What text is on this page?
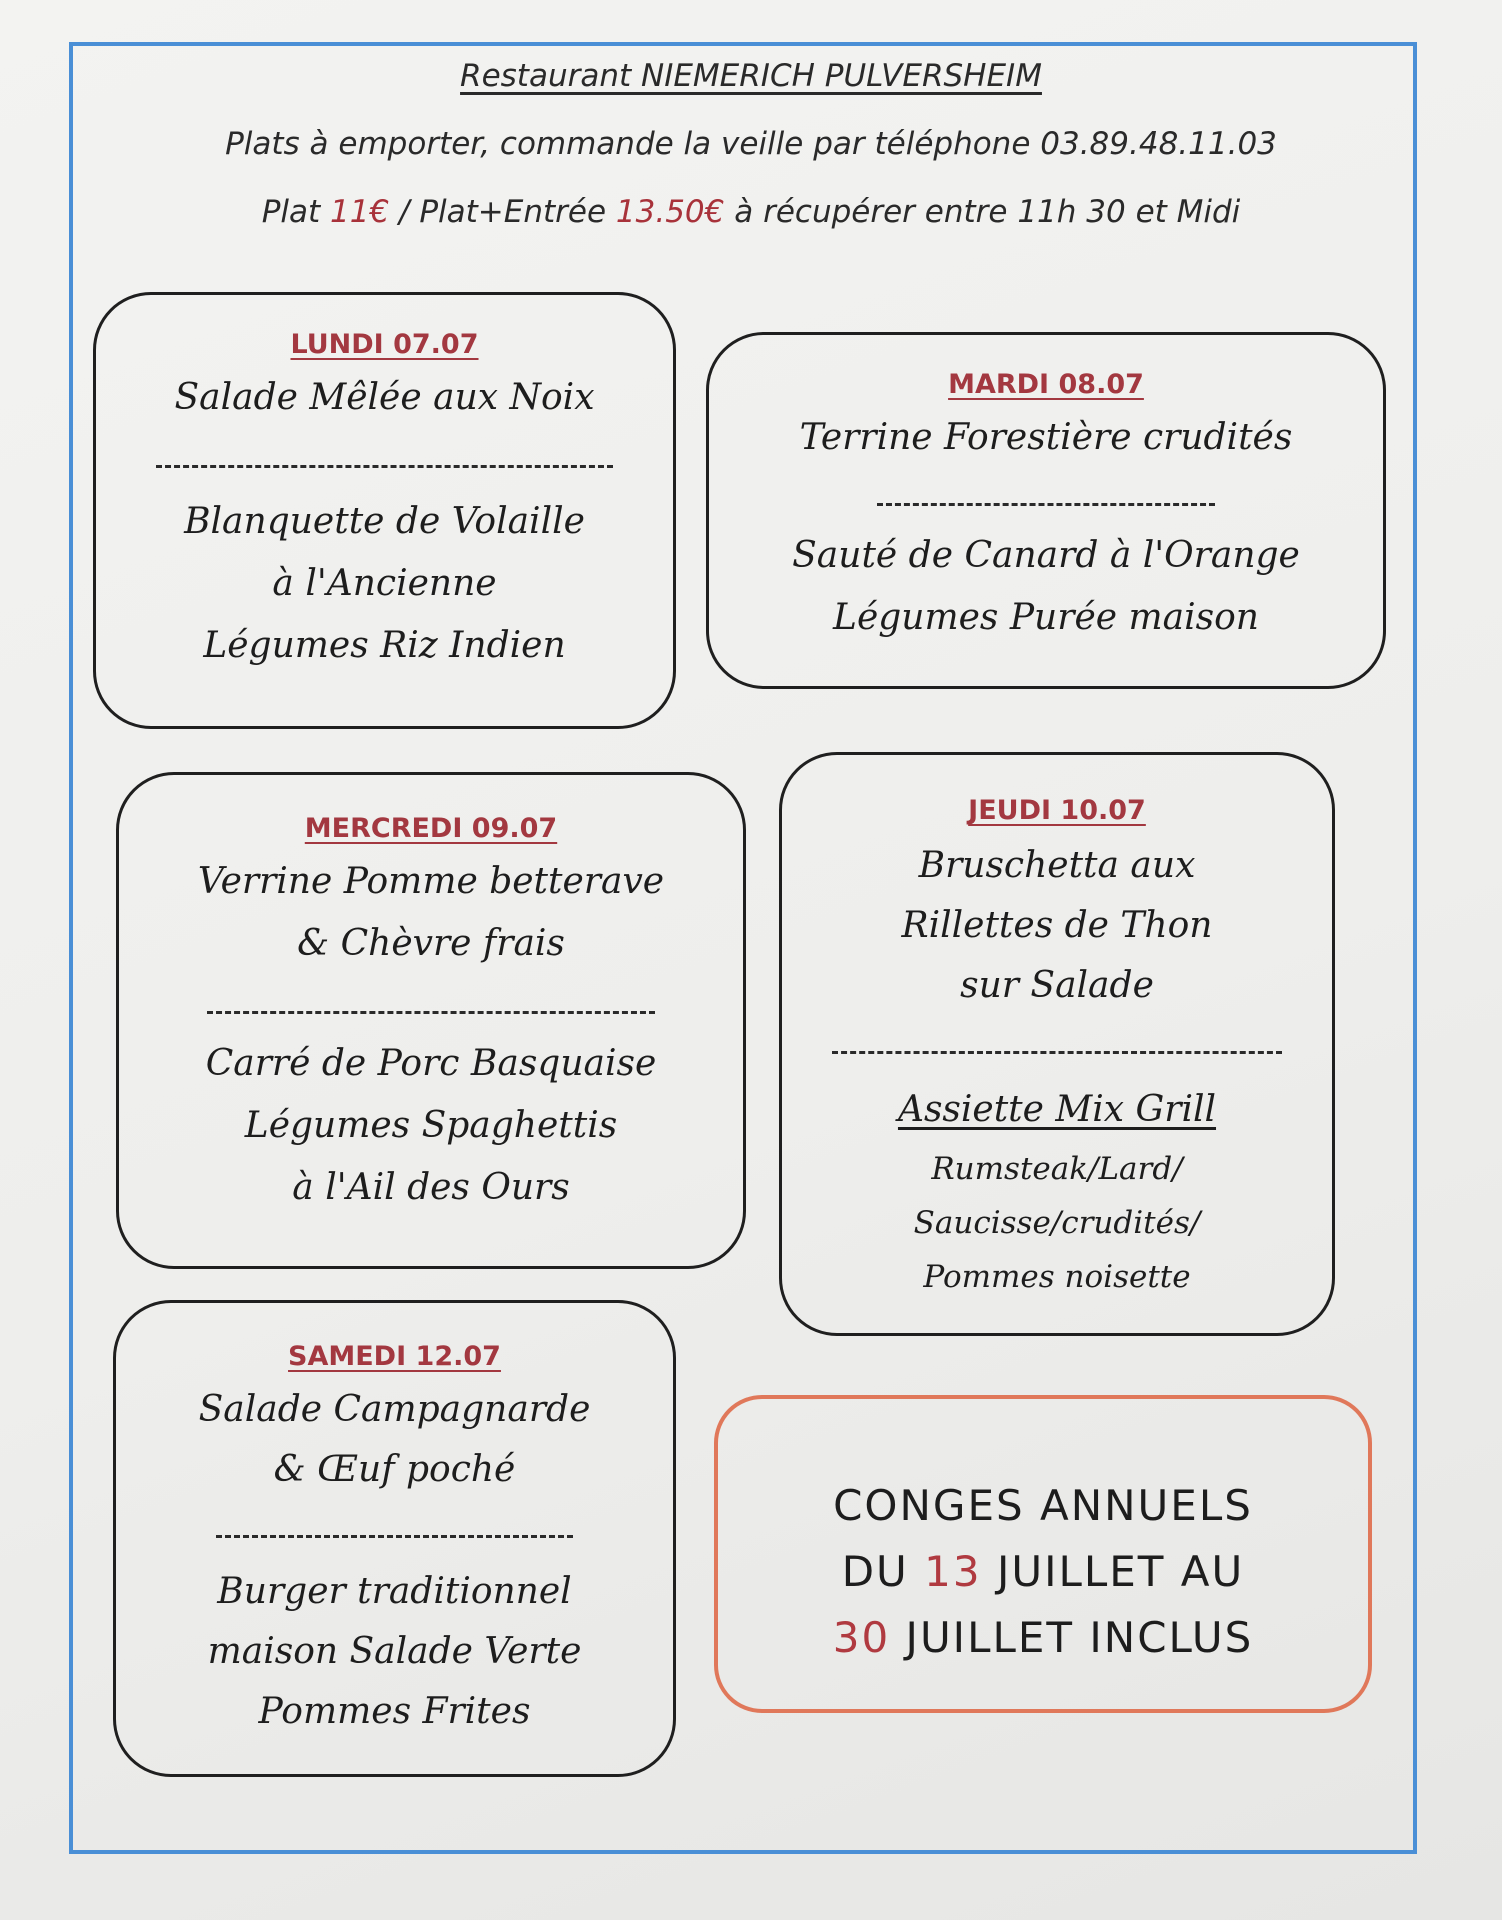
Restaurant NIEMERICH PULVERSHEIM
Plats à emporter, commande la veille par téléphone 03.89.48.11.03
Plat 11€ / Plat+Entrée 13.50€ à récupérer entre 11h 30 et Midi
LUNDI 07.07
Salade Mêlée aux Noix
Blanquette de Volaille
à l'Ancienne
Légumes Riz Indien
MARDI 08.07
Terrine Forestière crudités
Sauté de Canard à l'Orange
Légumes Purée maison
MERCREDI 09.07
Verrine Pomme betterave
& Chèvre frais
Carré de Porc Basquaise
Légumes Spaghettis
à l'Ail des Ours
JEUDI 10.07
Bruschetta aux
Rillettes de Thon
sur Salade
Assiette Mix Grill
Rumsteak/Lard/
Saucisse/crudités/
Pommes noisette
SAMEDI 12.07
Salade Campagnarde
& Œuf poché
Burger traditionnel
maison Salade Verte
Pommes Frites
CONGES ANNUELS
DU 13 JUILLET AU
30 JUILLET INCLUS
